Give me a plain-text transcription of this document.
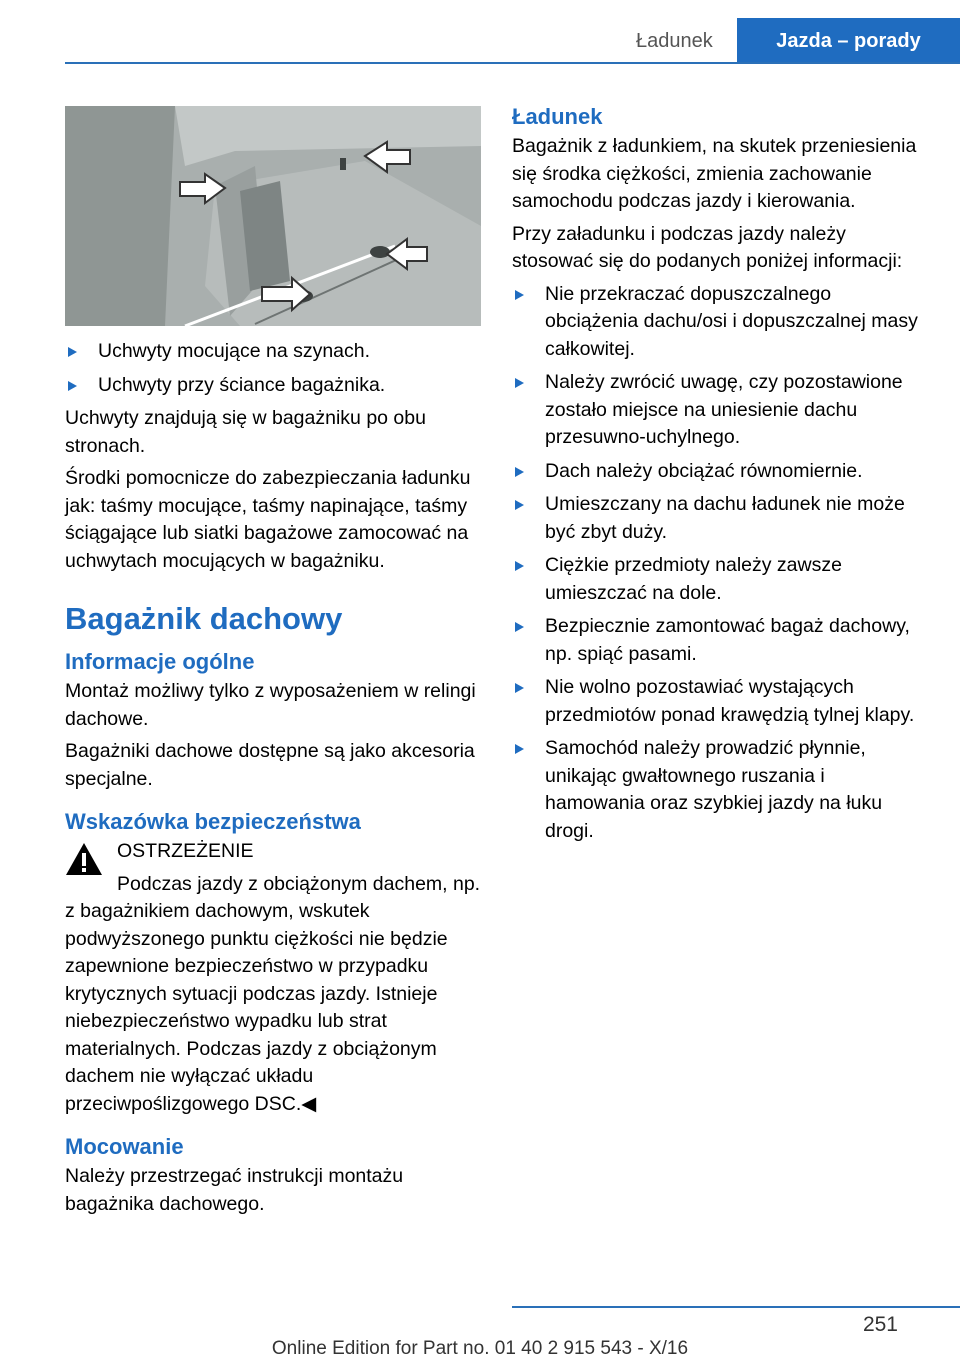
Ładunek	Jazda – porady
Uchwyty mocujące na szynach.
Uchwyty przy ściance bagażnika.

Uchwyty znajdują się w bagażniku po obu stronach.

Środki pomocnicze do zabezpieczania ładunku jak: taśmy mocujące, taśmy napinające, taśmy ściągające lub siatki bagażowe zamocować na uchwytach mocujących w bagażniku.

Bagażnik dachowy
Informacje ogólne

Montaż możliwy tylko z wyposażeniem w relingi dachowe.

Bagażniki dachowe dostępne są jako akcesoria specjalne.

Wskazówka bezpieczeństwa

OSTRZEŻENIE

Podczas jazdy z obciążonym dachem, np. z bagażnikiem dachowym, wskutek podwyższonego punktu ciężkości nie będzie zapewnione bezpieczeństwo w przypadku krytycznych sytuacji podczas jazdy. Istnieje niebezpieczeństwo wypadku lub strat materialnych. Podczas jazdy z obciążonym dachem nie wyłączać układu przeciwpoślizgowego DSC.◀

Mocowanie

Należy przestrzegać instrukcji montażu bagażnika dachowego.

Ładunek

Bagażnik z ładunkiem, na skutek przeniesienia się środka ciężkości, zmienia zachowanie samochodu podczas jazdy i kierowania.

Przy załadunku i podczas jazdy należy stosować się do podanych poniżej informacji:

Nie przekraczać dopuszczalnego obciążenia dachu/osi i dopuszczalnej masy całkowitej.
Należy zwrócić uwagę, czy pozostawione zostało miejsce na uniesienie dachu przesuwno-uchylnego.
Dach należy obciążać równomiernie.
Umieszczany na dachu ładunek nie może być zbyt duży.
Ciężkie przedmioty należy zawsze umieszczać na dole.
Bezpiecznie zamontować bagaż dachowy, np. spiąć pasami.
Nie wolno pozostawiać wystających przedmiotów ponad krawędzią tylnej klapy.
Samochód należy prowadzić płynnie, unikając gwałtownego ruszania i hamowania oraz szybkiej jazdy na łuku drogi.
251
Online Edition for Part no. 01 40 2 915 543 - X/16
